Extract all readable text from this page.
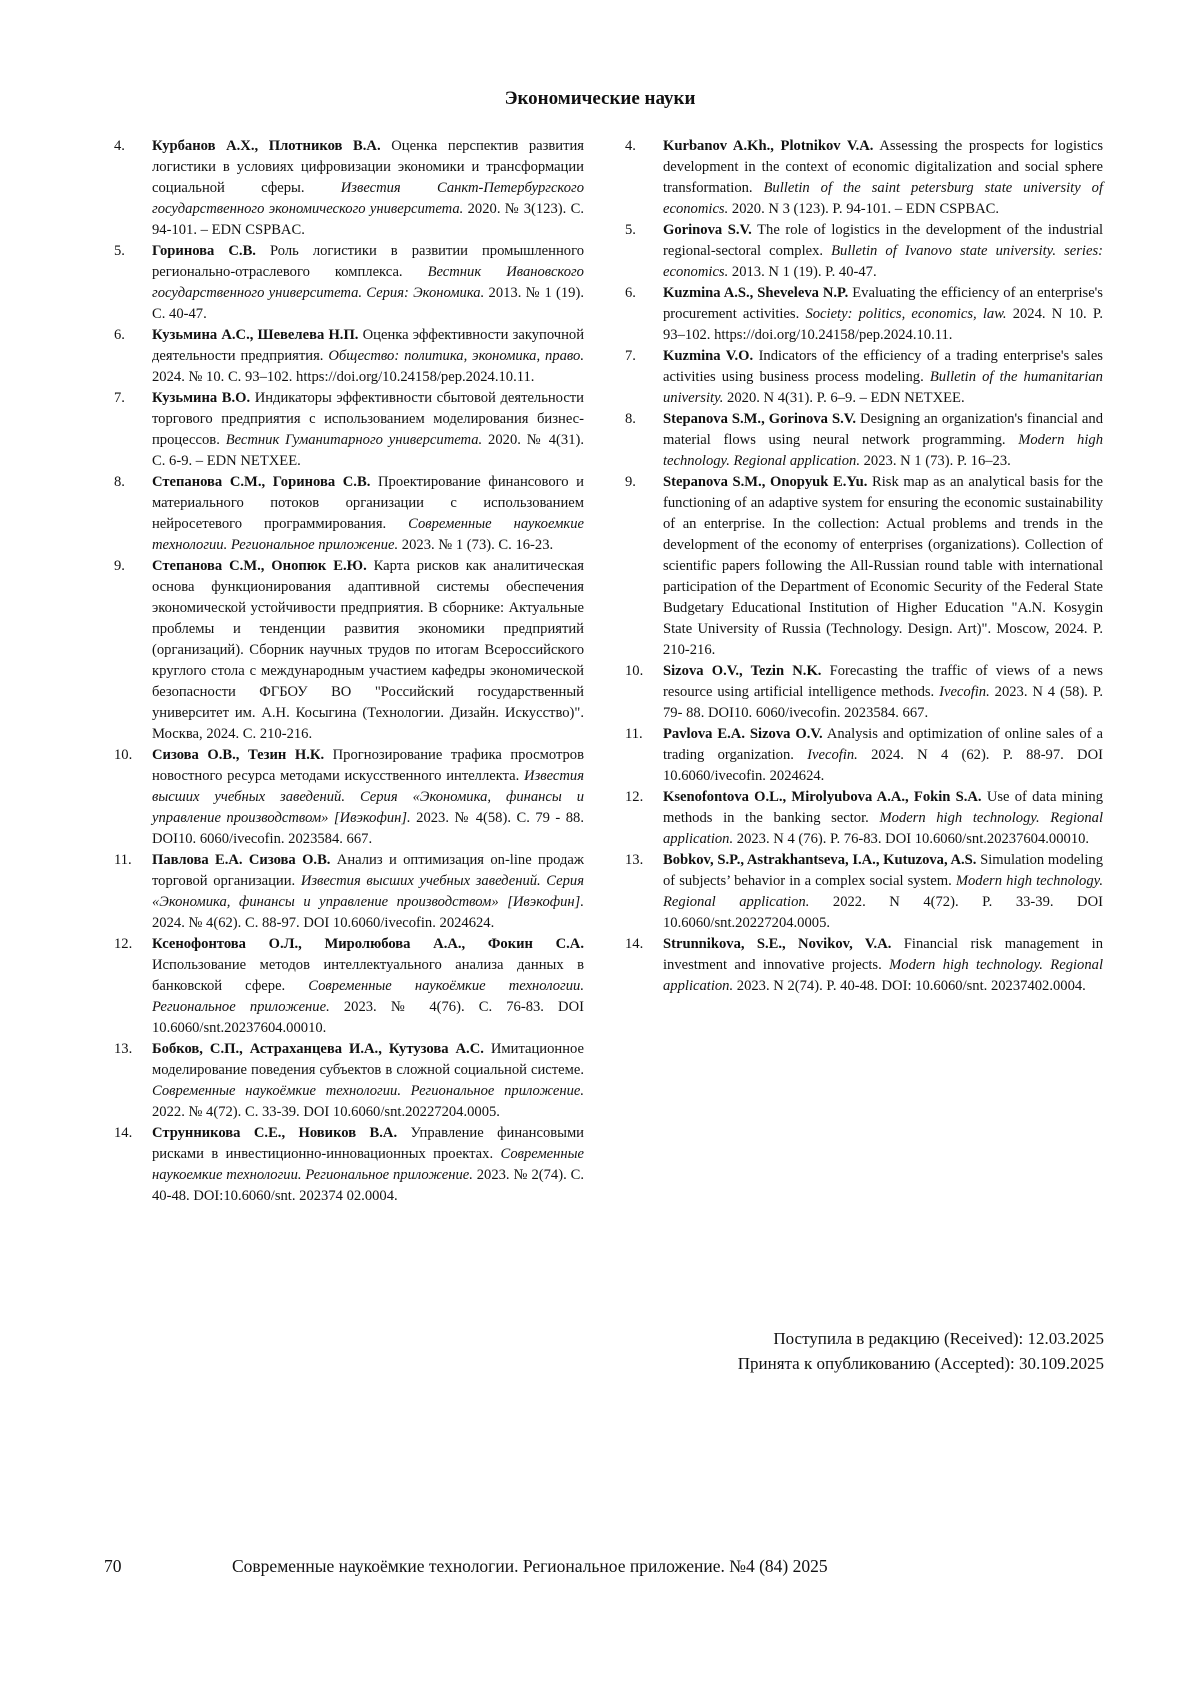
Экономические науки

4. Курбанов А.Х., Плотников В.А. Оценка перспектив развития логистики в условиях цифровизации экономики и трансформации социальной сферы. Известия Санкт-Петербургского государственного экономического университета. 2020. № 3(123). С. 94-101. – EDN CSPBAC.

5. Горинова С.В. Роль логистики в развитии промышленного регионально-отраслевого комплекса. Вестник Ивановского государственного университета. Серия: Экономика. 2013. № 1 (19). С. 40-47.

6. Кузьмина А.С., Шевелева Н.П. Оценка эффективности закупочной деятельности предприятия. Общество: политика, экономика, право. 2024. № 10. С. 93–102. https://doi.org/10.24158/pep.2024.10.11.

7. Кузьмина В.О. Индикаторы эффективности сбытовой деятельности торгового предприятия с использованием моделирования бизнес-процессов. Вестник Гуманитарного университета. 2020. № 4(31). С. 6-9. – EDN NETXEE.

8. Степанова С.М., Горинова С.В. Проектирование финансового и материального потоков организации с использованием нейросетевого программирования. Современные наукоемкие технологии. Региональное приложение. 2023. № 1 (73). С. 16-23.

9. Степанова С.М., Онопюк Е.Ю. Карта рисков как аналитическая основа функционирования адаптивной системы обеспечения экономической устойчивости предприятия. В сборнике: Актуальные проблемы и тенденции развития экономики предприятий (организаций). Сборник научных трудов по итогам Всероссийского круглого стола с международным участием кафедры экономической безопасности ФГБОУ ВО "Российский государственный университет им. А.Н. Косыгина (Технологии. Дизайн. Искусство)". Москва, 2024. С. 210-216.

10. Сизова О.В., Тезин Н.К. Прогнозирование трафика просмотров новостного ресурса методами искусственного интеллекта. Известия высших учебных заведений. Серия «Экономика, финансы и управление производством» [Ивэкофин]. 2023. № 4(58). С. 79 - 88. DOI10. 6060/ivecofin. 2023584. 667.

11. Павлова Е.А. Сизова О.В. Анализ и оптимизация on-line продаж торговой организации. Известия высших учебных заведений. Серия «Экономика, финансы и управление производством» [Ивэкофин]. 2024. № 4(62). С. 88-97. DOI 10.6060/ivecofin. 2024624.

12. Ксенофонтова О.Л., Миролюбова А.А., Фокин С.А. Использование методов интеллектуального анализа данных в банковской сфере. Современные наукоёмкие технологии. Региональное приложение. 2023. № 4(76). С. 76-83. DOI 10.6060/snt.20237604.00010.

13. Бобков, С.П., Астраханцева И.А., Кутузова А.С. Имитационное моделирование поведения субъектов в сложной социальной системе. Современные наукоёмкие технологии. Региональное приложение. 2022. № 4(72). С. 33-39. DOI 10.6060/snt.20227204.0005.

14. Струнникова С.Е., Новиков В.А. Управление финансовыми рисками в инвестиционно-инновационных проектах. Современные наукоемкие технологии. Региональное приложение. 2023. № 2(74). С. 40-48. DOI:10.6060/snt. 202374 02.0004.

4. Kurbanov A.Kh., Plotnikov V.A. Assessing the prospects for logistics development in the context of economic digitalization and social sphere transformation. Bulletin of the saint petersburg state university of economics. 2020. N 3 (123). P. 94-101. – EDN CSPBAC.

5. Gorinova S.V. The role of logistics in the development of the industrial regional-sectoral complex. Bulletin of Ivanovo state university. series: economics. 2013. N 1 (19). P. 40-47.

6. Kuzmina A.S., Sheveleva N.P. Evaluating the efficiency of an enterprise's procurement activities. Society: politics, economics, law. 2024. N 10. P. 93–102. https://doi.org/10.24158/pep.2024.10.11.

7. Kuzmina V.O. Indicators of the efficiency of a trading enterprise's sales activities using business process modeling. Bulletin of the humanitarian university. 2020. N 4(31). P. 6–9. – EDN NETXEE.

8. Stepanova S.M., Gorinova S.V. Designing an organization's financial and material flows using neural network programming. Modern high technology. Regional application. 2023. N 1 (73). P. 16–23.

9. Stepanova S.M., Onopyuk E.Yu. Risk map as an analytical basis for the functioning of an adaptive system for ensuring the economic sustainability of an enterprise. In the collection: Actual problems and trends in the development of the economy of enterprises (organizations). Collection of scientific papers following the All-Russian round table with international participation of the Department of Economic Security of the Federal State Budgetary Educational Institution of Higher Education "A.N. Kosygin State University of Russia (Technology. Design. Art)". Moscow, 2024. P. 210-216.

10. Sizova O.V., Tezin N.K. Forecasting the traffic of views of a news resource using artificial intelligence methods. Ivecofin. 2023. N 4 (58). P. 79- 88. DOI10. 6060/ivecofin. 2023584. 667.

11. Pavlova E.A. Sizova O.V. Analysis and optimization of online sales of a trading organization. Ivecofin. 2024. N 4 (62). P. 88-97. DOI 10.6060/ivecofin. 2024624.

12. Ksenofontova O.L., Mirolyubova A.A., Fokin S.A. Use of data mining methods in the banking sector. Modern high technology. Regional application. 2023. N 4 (76). P. 76-83. DOI 10.6060/snt.20237604.00010.

13. Bobkov, S.P., Astrakhantseva, I.A., Kutuzova, A.S. Simulation modeling of subjects’ behavior in a complex social system. Modern high technology. Regional application. 2022. N 4(72). P. 33-39. DOI 10.6060/snt.20227204.0005.

14. Strunnikova, S.E., Novikov, V.A. Financial risk management in investment and innovative projects. Modern high technology. Regional application. 2023. N 2(74). P. 40-48. DOI: 10.6060/snt. 20237402.0004.

Поступила в редакцию (Received): 12.03.2025
Принята к опубликованию (Accepted): 30.109.2025
70	Современные наукоёмкие технологии. Региональное приложение. №4 (84) 2025
